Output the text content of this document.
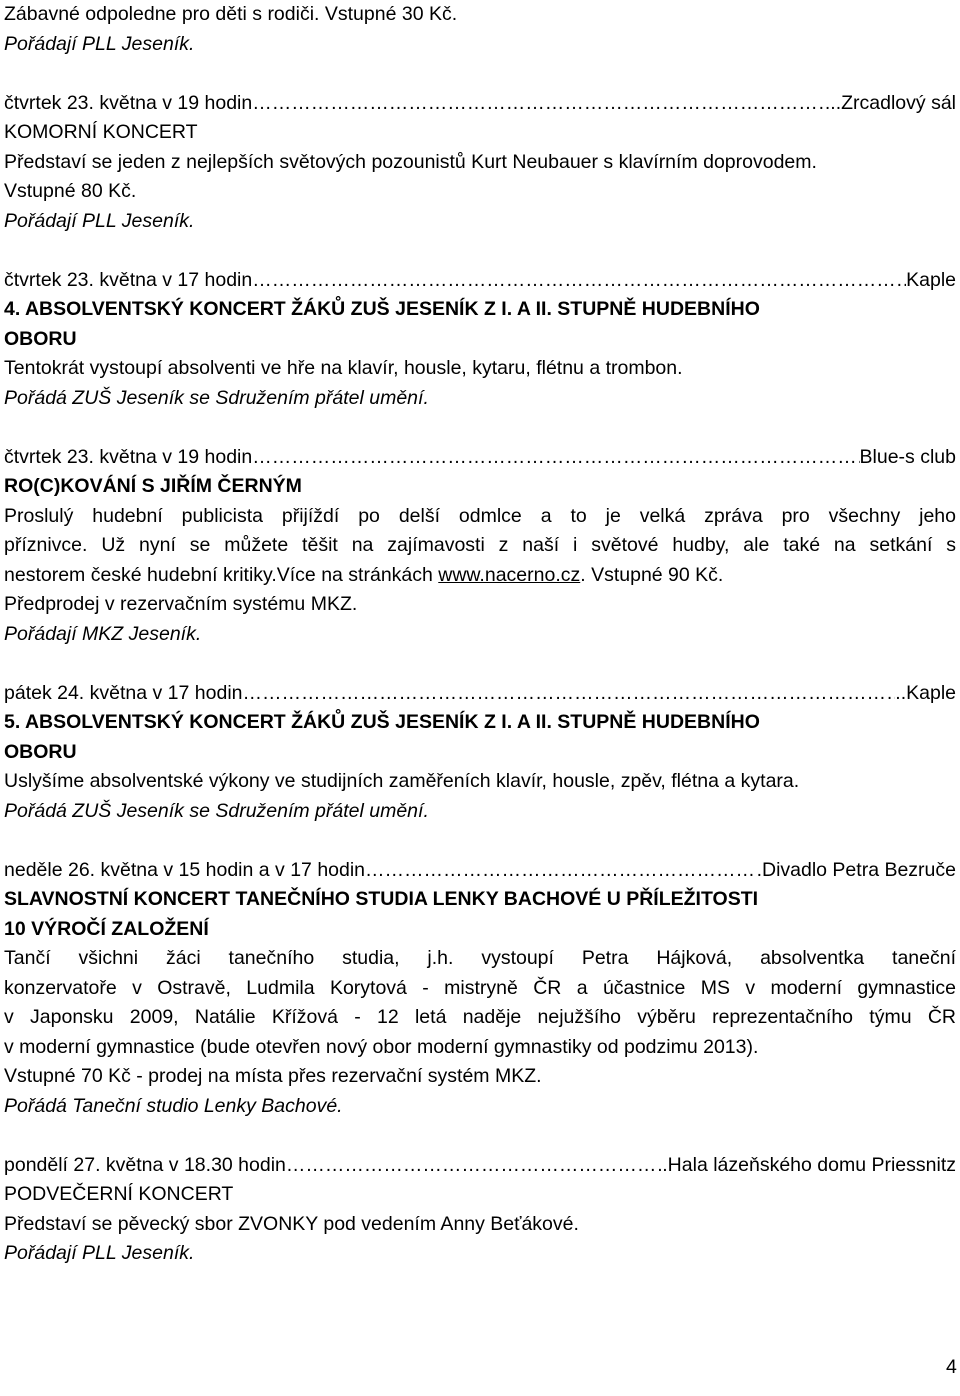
Zábavné odpoledne pro děti s rodiči. Vstupné 30 Kč.
Pořádají PLL Jeseník.
čtvrtek 23. května v 19 hodin ………………………………………………………………………………………………	...Zrcadlový sál
KOMORNÍ KONCERT
Představí se jeden z nejlepších světových pozounistů Kurt Neubauer s klavírním doprovodem.
Vstupné 80 Kč.
Pořádají PLL Jeseník.
čtvrtek 23. května v 17 hodin ………………………………………………………………………………………………	Kaple
4. ABSOLVENTSKÝ KONCERT ŽÁKŮ ZUŠ JESENÍK Z I. A II. STUPNĚ HUDEBNÍHO
OBORU
Tentokrát vystoupí absolventi ve hře na klavír, housle, kytaru, flétnu a trombon.
Pořádá ZUŠ Jeseník se Sdružením přátel umění.
čtvrtek 23. května v 19 hodin ………………………………………………………………………………………………	Blue-s club
RO(C)KOVÁNÍ S JIŘÍM ČERNÝM
Proslulý hudební publicista přijíždí po delší odmlce a to je velká zpráva pro všechny jeho
příznivce. Už nyní se můžete těšit na zajímavosti z naší i světové hudby, ale také na setkání s
nestorem české hudební kritiky.Více na stránkách www.nacerno.cz. Vstupné 90 Kč.
Předprodej v rezervačním systému MKZ.
Pořádají MKZ Jeseník.
pátek 24. května v 17 hodin ………………………………………………………………………………………………	..Kaple
5. ABSOLVENTSKÝ KONCERT ŽÁKŮ ZUŠ JESENÍK Z I. A II. STUPNĚ HUDEBNÍHO
OBORU
Uslyšíme absolventské výkony ve studijních zaměřeních klavír, housle, zpěv, flétna a kytara.
Pořádá ZUŠ Jeseník se Sdružením přátel umění.
neděle 26. května v 15 hodin a v 17 hodin ………………………………………………………………………………………………	.Divadlo Petra Bezruče
SLAVNOSTNÍ KONCERT TANEČNÍHO STUDIA LENKY BACHOVÉ U PŘÍLEŽITOSTI
10 VÝROČÍ ZALOŽENÍ
Tančí všichni žáci tanečního studia, j.h. vystoupí Petra Hájková, absolventka taneční
konzervatoře v Ostravě, Ludmila Korytová - mistryně ČR a účastnice MS v moderní gymnastice
v Japonsku 2009, Natálie Křížová - 12 letá naděje nejužšího výběru reprezentačního týmu ČR
v moderní gymnastice (bude otevřen nový obor moderní gymnastiky od podzimu 2013).
Vstupné 70 Kč - prodej na místa přes rezervační systém MKZ.
Pořádá Taneční studio Lenky Bachové.
pondělí 27. května v 18.30 hodin ………………………………………………………………………………………………	.Hala lázeňského domu Priessnitz
PODVEČERNÍ KONCERT
Představí se pěvecký sbor ZVONKY pod vedením Anny Beťákové.
Pořádají PLL Jeseník.
4
